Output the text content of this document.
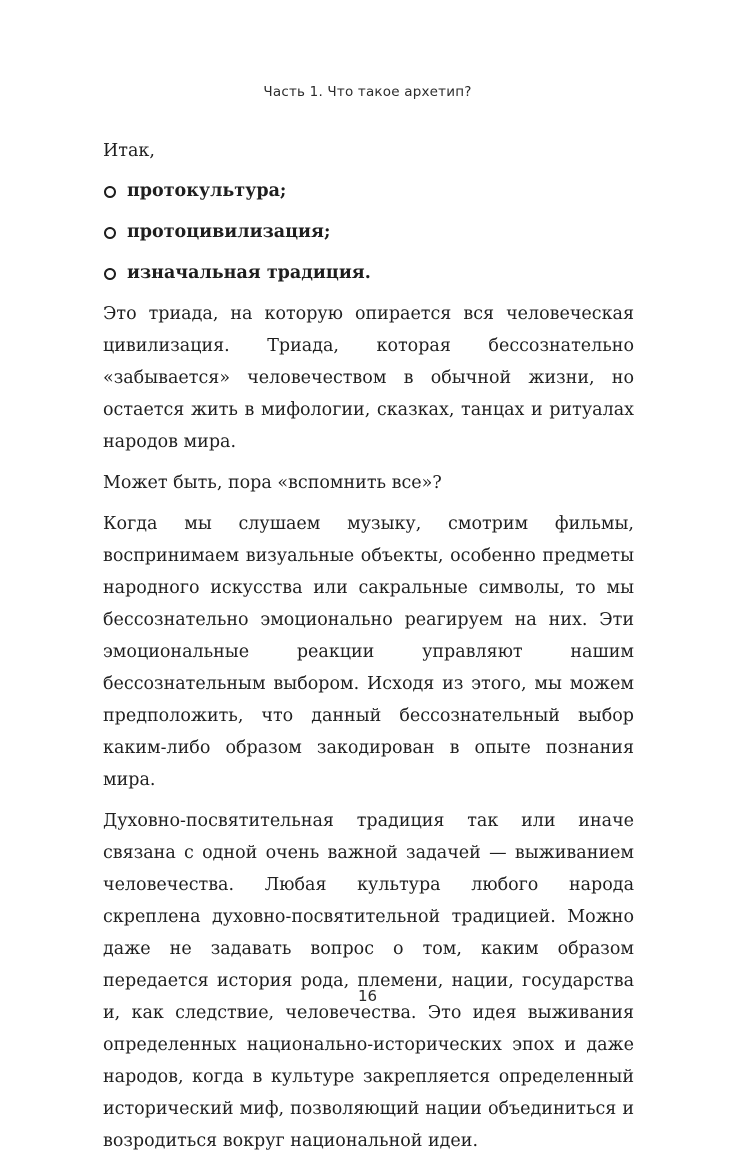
Часть 1. Что такое архетип?

Итак,

протокультура;
протоцивилизация;
изначальная традиция.

Это триада, на которую опирается вся человеческая цивилизация. Триада, которая бессознательно «забывается» человечеством в обычной жизни, но остается жить в мифологии, сказках, танцах и ритуалах народов мира.

Может быть, пора «вспомнить все»?

Когда мы слушаем музыку, смотрим фильмы, воспринимаем визуальные объекты, особенно предметы народного искусства или сакральные символы, то мы бессознательно эмоционально реагируем на них. Эти эмоциональные реакции управляют нашим бессознательным выбором. Исходя из этого, мы можем предположить, что данный бессознательный выбор каким-либо образом закодирован в опыте познания мира.

Духовно-посвятительная традиция так или иначе связана с одной очень важной задачей — выживанием человечества. Любая культура любого народа скреплена духовно-посвятительной традицией. Можно даже не задавать вопрос о том, каким образом передается история рода, племени, нации, государства и, как следствие, человечества. Это идея выживания определенных национально-исторических эпох и даже народов, когда в культуре закрепляется определенный исторический миф, позволяющий нации объединиться и возродиться вокруг национальной идеи.

16
